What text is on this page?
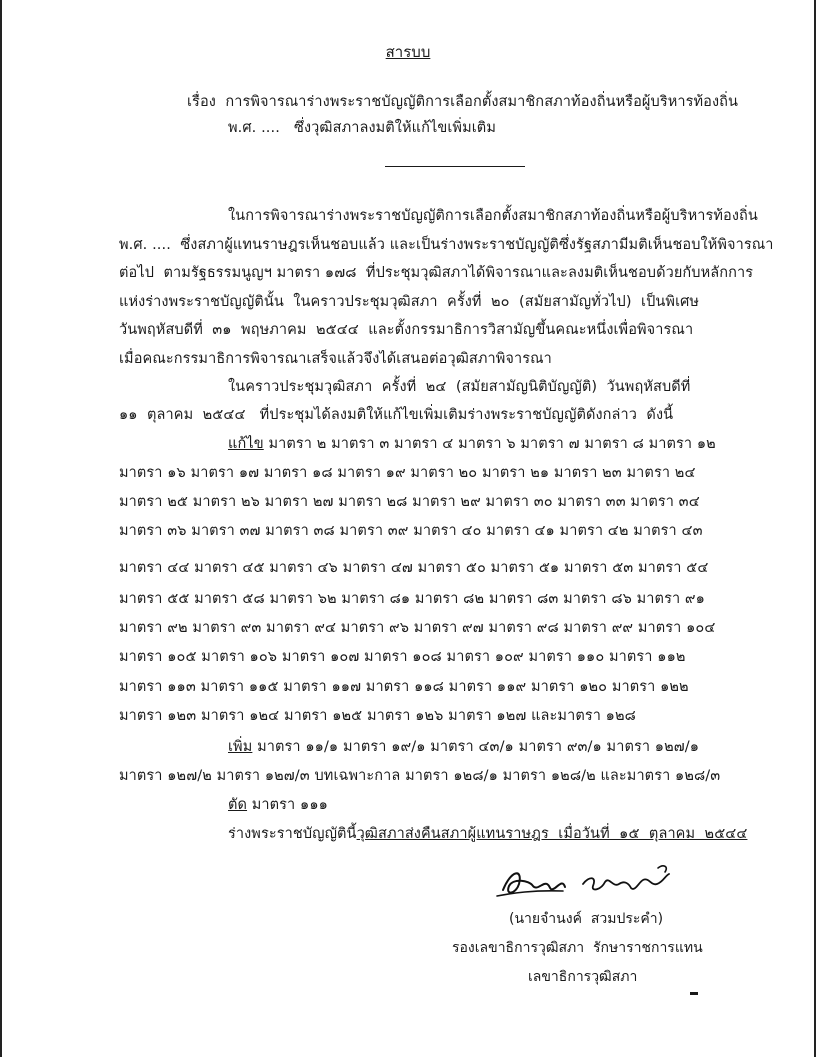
สารบบ
เรื่อง  การพิจารณาร่างพระราชบัญญัติการเลือกตั้งสมาชิกสภาท้องถิ่นหรือผู้บริหารท้องถิ่น
พ.ศ. ....   ซึ่งวุฒิสภาลงมติให้แก้ไขเพิ่มเติม
ในการพิจารณาร่างพระราชบัญญัติการเลือกตั้งสมาชิกสภาท้องถิ่นหรือผู้บริหารท้องถิ่น
พ.ศ. ....  ซึ่งสภาผู้แทนราษฎรเห็นชอบแล้ว และเป็นร่างพระราชบัญญัติซึ่งรัฐสภามีมติเห็นชอบให้พิจารณา
ต่อไป  ตามรัฐธรรมนูญฯ มาตรา ๑๗๘  ที่ประชุมวุฒิสภาได้พิจารณาและลงมติเห็นชอบด้วยกับหลักการ
แห่งร่างพระราชบัญญัตินั้น  ในคราวประชุมวุฒิสภา  ครั้งที่  ๒๐  (สมัยสามัญทั่วไป)  เป็นพิเศษ
วันพฤหัสบดีที่  ๓๑  พฤษภาคม  ๒๕๔๔  และตั้งกรรมาธิการวิสามัญขึ้นคณะหนึ่งเพื่อพิจารณา
เมื่อคณะกรรมาธิการพิจารณาเสร็จแล้วจึงได้เสนอต่อวุฒิสภาพิจารณา
ในคราวประชุมวุฒิสภา  ครั้งที่  ๒๔  (สมัยสามัญนิติบัญญัติ)  วันพฤหัสบดีที่
๑๑  ตุลาคม  ๒๕๔๔   ที่ประชุมได้ลงมติให้แก้ไขเพิ่มเติมร่างพระราชบัญญัติดังกล่าว  ดังนี้
แก้ไข มาตรา ๒ มาตรา ๓ มาตรา ๔ มาตรา ๖ มาตรา ๗ มาตรา ๘ มาตรา ๑๒
มาตรา ๑๖ มาตรา ๑๗ มาตรา ๑๘ มาตรา ๑๙ มาตรา ๒๐ มาตรา ๒๑ มาตรา ๒๓ มาตรา ๒๔
มาตรา ๒๕ มาตรา ๒๖ มาตรา ๒๗ มาตรา ๒๘ มาตรา ๒๙ มาตรา ๓๐ มาตรา ๓๓ มาตรา ๓๔
มาตรา ๓๖ มาตรา ๓๗ มาตรา ๓๘ มาตรา ๓๙ มาตรา ๔๐ มาตรา ๔๑ มาตรา ๔๒ มาตรา ๔๓
มาตรา ๔๔ มาตรา ๔๕ มาตรา ๔๖ มาตรา ๔๗ มาตรา ๕๐ มาตรา ๕๑ มาตรา ๕๓ มาตรา ๕๔
มาตรา ๕๕ มาตรา ๕๘ มาตรา ๖๒ มาตรา ๘๑ มาตรา ๘๒ มาตรา ๘๓ มาตรา ๘๖ มาตรา ๙๑
มาตรา ๙๒ มาตรา ๙๓ มาตรา ๙๔ มาตรา ๙๖ มาตรา ๙๗ มาตรา ๙๘ มาตรา ๙๙ มาตรา ๑๐๔
มาตรา ๑๐๕ มาตรา ๑๐๖ มาตรา ๑๐๗ มาตรา ๑๐๘ มาตรา ๑๐๙ มาตรา ๑๑๐ มาตรา ๑๑๒
มาตรา ๑๑๓ มาตรา ๑๑๕ มาตรา ๑๑๗ มาตรา ๑๑๘ มาตรา ๑๑๙ มาตรา ๑๒๐ มาตรา ๑๒๒
มาตรา ๑๒๓ มาตรา ๑๒๔ มาตรา ๑๒๕ มาตรา ๑๒๖ มาตรา ๑๒๗ และมาตรา ๑๒๘
เพิ่ม มาตรา ๑๑/๑ มาตรา ๑๙/๑ มาตรา ๔๓/๑ มาตรา ๙๓/๑ มาตรา ๑๒๗/๑
มาตรา ๑๒๗/๒ มาตรา ๑๒๗/๓ บทเฉพาะกาล มาตรา ๑๒๘/๑ มาตรา ๑๒๘/๒ และมาตรา ๑๒๘/๓
ตัด มาตรา ๑๑๑
ร่างพระราชบัญญัตินี้วุฒิสภาส่งคืนสภาผู้แทนราษฎร  เมื่อวันที่  ๑๕  ตุลาคม  ๒๕๔๔
(นายจำนงค์  สวมประคำ)
รองเลขาธิการวุฒิสภา  รักษาราชการแทน
เลขาธิการวุฒิสภา
